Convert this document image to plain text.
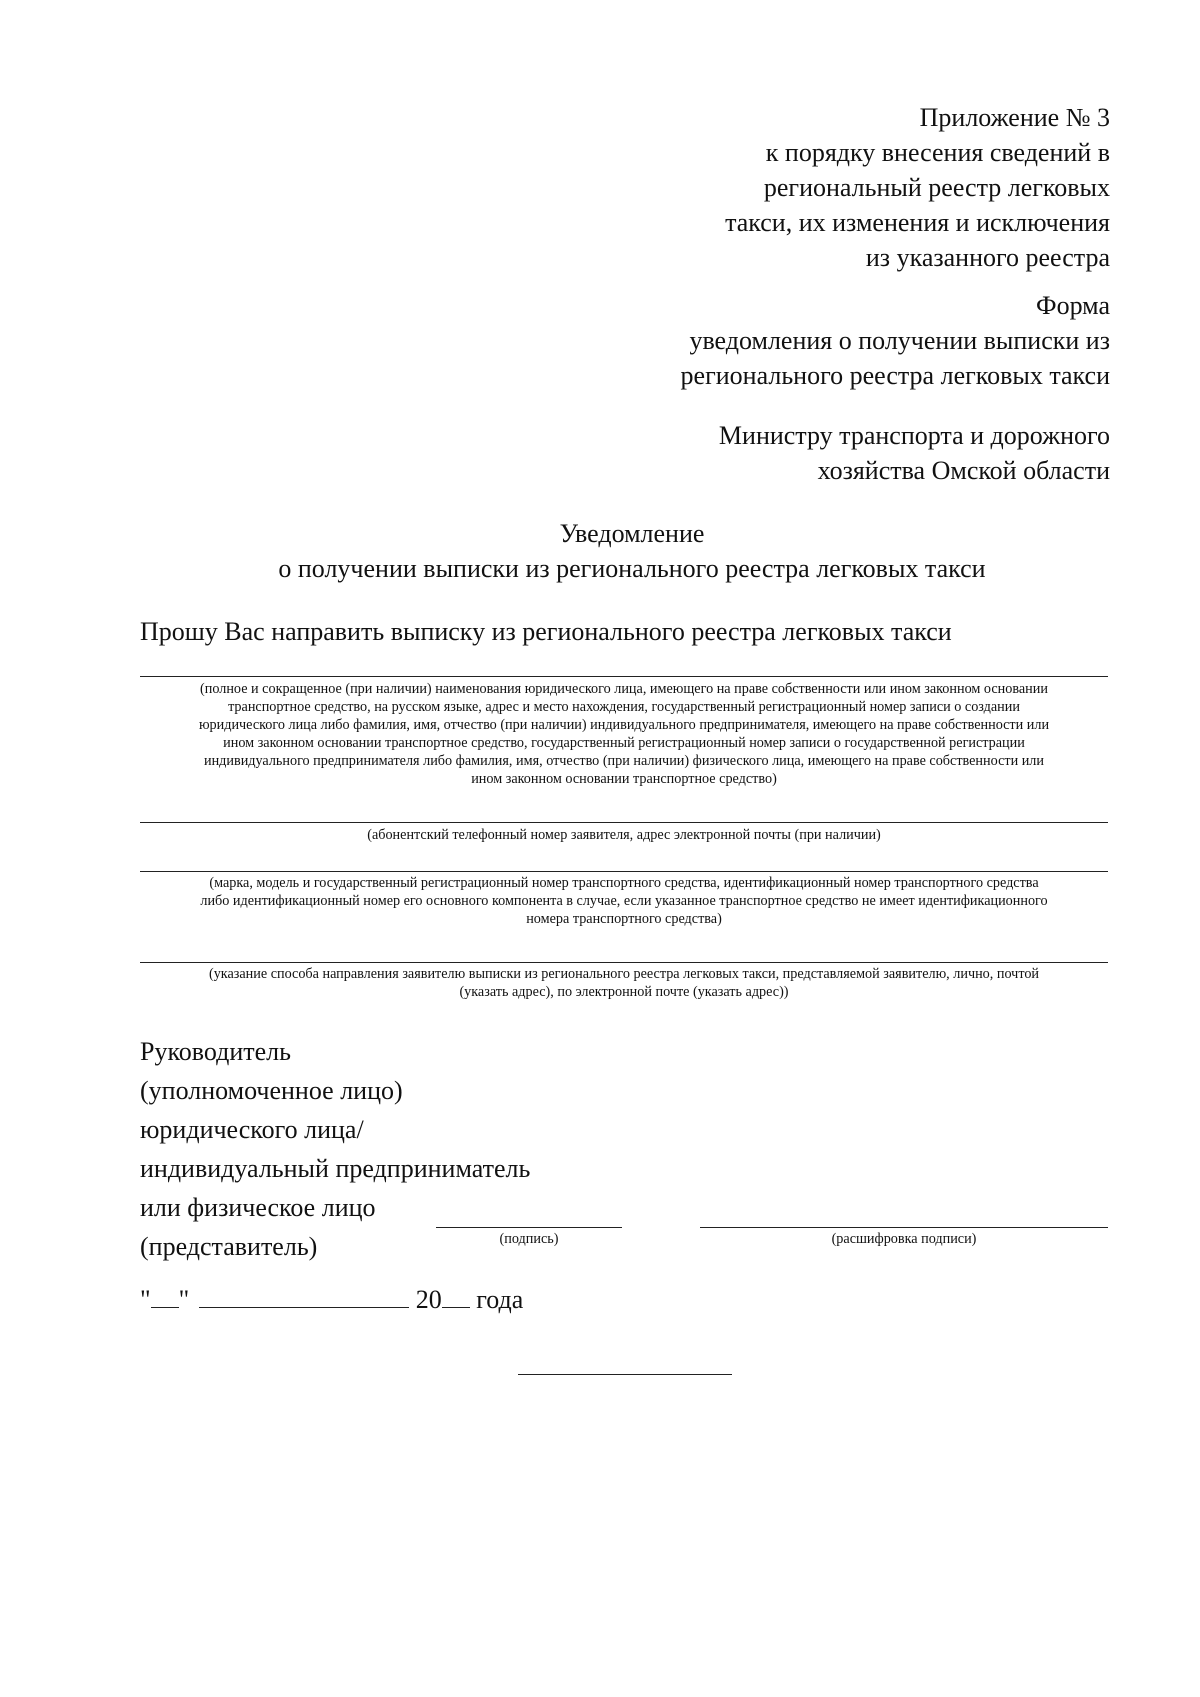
Приложение № 3
к порядку внесения сведений в
региональный реестр легковых
такси, их изменения и исключения
из указанного реестра
Форма
уведомления о получении выписки из
регионального реестра легковых такси
Министру транспорта и дорожного
хозяйства Омской области
Уведомление
о получении выписки из регионального реестра легковых такси
Прошу Вас направить выписку из регионального реестра легковых такси
(полное и сокращенное (при наличии) наименования юридического лица, имеющего на праве собственности или ином законном основании
транспортное средство, на русском языке, адрес и место нахождения, государственный регистрационный номер записи о создании
юридического лица либо фамилия, имя, отчество (при наличии) индивидуального предпринимателя, имеющего на праве собственности или
ином законном основании транспортное средство, государственный регистрационный номер записи о государственной регистрации
индивидуального предпринимателя либо фамилия, имя, отчество (при наличии) физического лица, имеющего на праве собственности или
ином законном основании транспортное средство)
(абонентский телефонный номер заявителя, адрес электронной почты (при наличии)
(марка, модель и государственный регистрационный номер транспортного средства, идентификационный номер транспортного средства
либо идентификационный номер его основного компонента в случае, если указанное транспортное средство не имеет идентификационного
номера транспортного средства)
(указание способа направления заявителю выписки из регионального реестра легковых такси, представляемой заявителю, лично, почтой
(указать адрес), по электронной почте (указать адрес))
Руководитель
(уполномоченное лицо)
юридического лица/
индивидуальный предприниматель
или физическое лицо
(представитель)	(подпись)	(расшифровка подписи)
" "	20 года
